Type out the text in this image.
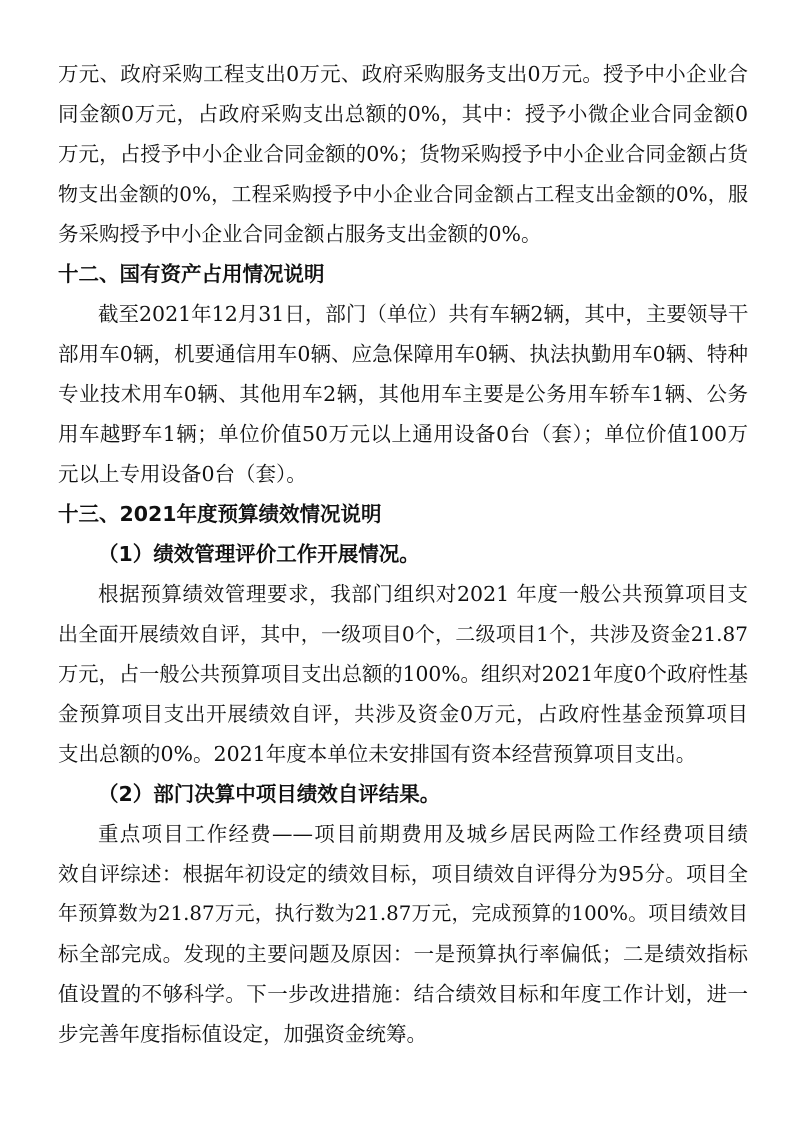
万元、政府采购工程支出0万元、政府采购服务支出0万元。授予中小企业合
同金额0万元，占政府采购支出总额的0%，其中：授予小微企业合同金额0
万元，占授予中小企业合同金额的0%；货物采购授予中小企业合同金额占货
物支出金额的0%，工程采购授予中小企业合同金额占工程支出金额的0%，服
务采购授予中小企业合同金额占服务支出金额的0%。
十二、国有资产占用情况说明
截至2021年12月31日，部门（单位）共有车辆2辆，其中，主要领导干
部用车0辆，机要通信用车0辆、应急保障用车0辆、执法执勤用车0辆、特种
专业技术用车0辆、其他用车2辆，其他用车主要是公务用车轿车1辆、公务
用车越野车1辆；单位价值50万元以上通用设备0台（套）；单位价值100万
元以上专用设备0台（套）。
十三、2021年度预算绩效情况说明
（1）绩效管理评价工作开展情况。
根据预算绩效管理要求，我部门组织对2021 年度一般公共预算项目支
出全面开展绩效自评，其中，一级项目0个，二级项目1个，共涉及资金21.87
万元，占一般公共预算项目支出总额的100%。组织对2021年度0个政府性基
金预算项目支出开展绩效自评，共涉及资金0万元，占政府性基金预算项目
支出总额的0%。2021年度本单位未安排国有资本经营预算项目支出。
（2）部门决算中项目绩效自评结果。
重点项目工作经费——项目前期费用及城乡居民两险工作经费项目绩
效自评综述：根据年初设定的绩效目标，项目绩效自评得分为95分。项目全
年预算数为21.87万元，执行数为21.87万元，完成预算的100%。项目绩效目
标全部完成。发现的主要问题及原因：一是预算执行率偏低；二是绩效指标
值设置的不够科学。下一步改进措施：结合绩效目标和年度工作计划，进一
步完善年度指标值设定，加强资金统筹。
